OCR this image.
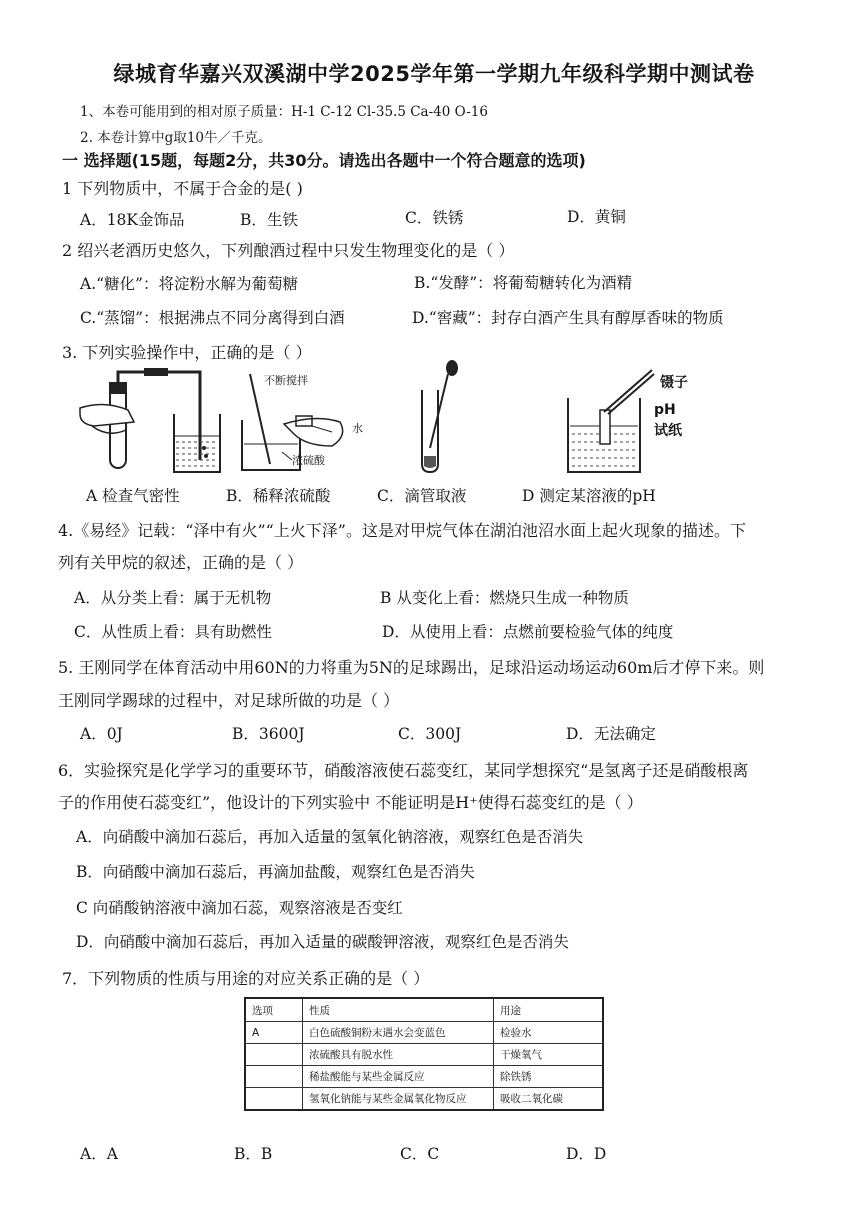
绿城育华嘉兴双溪湖中学2025学年第一学期九年级科学期中测试卷
1、本卷可能用到的相对原子质量：H-1 C-12 Cl-35.5 Ca-40 O-16
2. 本卷计算中g取10牛／千克。
一 选择题(15题，每题2分，共30分。请选出各题中一个符合题意的选项)
1 下列物质中，不属于合金的是( )
A．18K金饰品	B．生铁	C．铁锈	D．黄铜
2 绍兴老酒历史悠久，下列酿酒过程中只发生物理变化的是（ ）
A.“糖化”：将淀粉水解为葡萄糖	B.“发酵”：将葡萄糖转化为酒精
C.“蒸馏”：根据沸点不同分离得到白酒	D.“窖藏”：封存白酒产生具有醇厚香味的物质
3. 下列实验操作中，正确的是（ ）
不断搅拌
水
浓硫酸
镊子
pH
试纸
A 检查气密性	B．稀释浓硫酸	C．滴管取液	D 测定某溶液的pH
4.《易经》记载：“泽中有火”“上火下泽”。这是对甲烷气体在湖泊池沼水面上起火现象的描述。下
列有关甲烷的叙述，正确的是（ ）
A．从分类上看：属于无机物	B 从变化上看：燃烧只生成一种物质
C．从性质上看：具有助燃性	D．从使用上看：点燃前要检验气体的纯度
5. 王刚同学在体育活动中用60N的力将重为5N的足球踢出，足球沿运动场运动60m后才停下来。则
王刚同学踢球的过程中，对足球所做的功是（ ）
A．0J	B．3600J	C．300J	D．无法确定
6．实验探究是化学学习的重要环节，硝酸溶液使石蕊变红，某同学想探究“是氢离子还是硝酸根离
子的作用使石蕊变红”，他设计的下列实验中 不能证明是H⁺使得石蕊变红的是（ ）
A．向硝酸中滴加石蕊后，再加入适量的氢氧化钠溶液，观察红色是否消失
B．向硝酸中滴加石蕊后，再滴加盐酸，观察红色是否消失
C 向硝酸钠溶液中滴加石蕊，观察溶液是否变红
D．向硝酸中滴加石蕊后，再加入适量的碳酸钾溶液，观察红色是否消失
7．下列物质的性质与用途的对应关系正确的是（ ）
选项	性质	用途
A	白色硫酸铜粉末遇水会变蓝色	检验水
	浓硫酸具有脱水性	干燥氧气
	稀盐酸能与某些金属反应	除铁锈
	氢氧化钠能与某些金属氧化物反应	吸收二氧化碳
A．A	B．B	C．C	D．D
